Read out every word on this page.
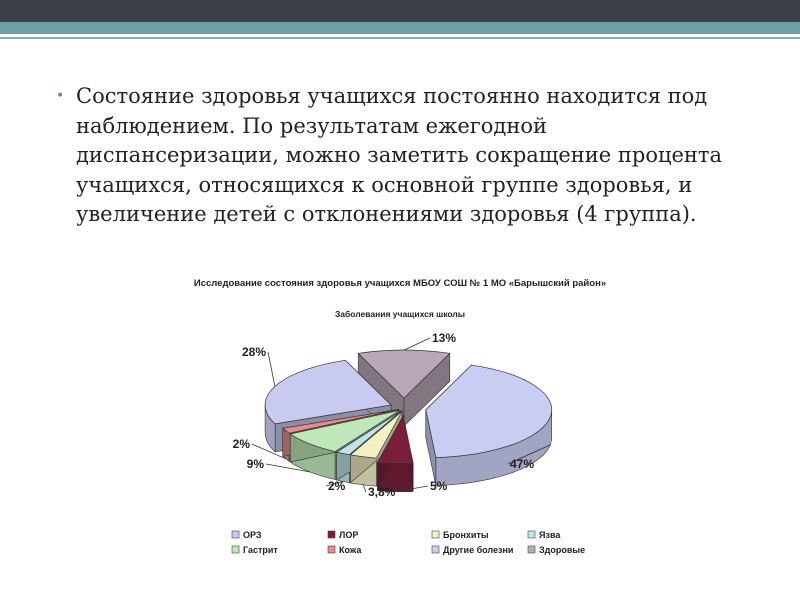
• Состояние здоровья учащихся постоянно находится под наблюдением. По результатам ежегодной диспансеризации, можно заметить сокращение процента учащихся, относящихся к основной группе здоровья, и увеличение детей с отклонениями здоровья (4 группа).
Исследование состояния здоровья учащихся МБОУ СОШ № 1 МО «Барышский район»
Заболевания учащихся школы
13%
47%
5%
3,8%
2%
9%
2%
28%
ОРЗ	ЛОР	Бронхиты	Язва
Гастрит	Кожа	Другие болезни	Здоровые
